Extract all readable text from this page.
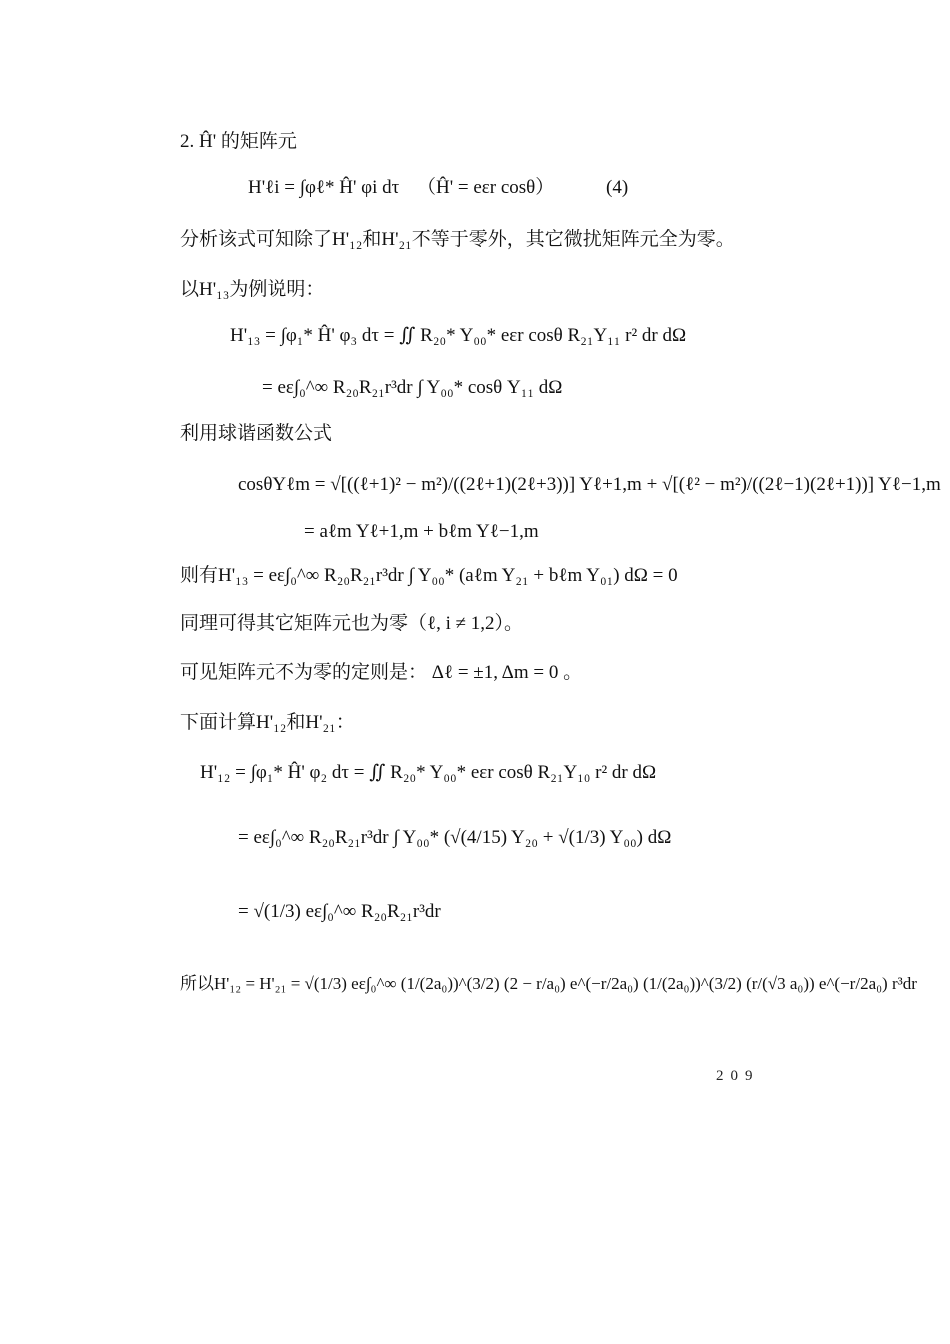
2. Ĥ' 的矩阵元
H'ℓi = ∫φℓ* Ĥ' φi dτ （Ĥ' = eεr cosθ）	(4)
分析该式可知除了H'₁₂和H'₂₁不等于零外，其它微扰矩阵元全为零。
以H'₁₃为例说明：
H'₁₃ = ∫φ₁* Ĥ' φ₃ dτ = ∬ R₂₀* Y₀₀* eεr cosθ R₂₁Y₁₁ r² dr dΩ
= eε∫₀^∞ R₂₀R₂₁r³dr ∫ Y₀₀* cosθ Y₁₁ dΩ
利用球谐函数公式
cosθYℓm = √[((ℓ+1)² − m²)/((2ℓ+1)(2ℓ+3))] Yℓ+1,m + √[(ℓ² − m²)/((2ℓ−1)(2ℓ+1))] Yℓ−1,m
= aℓm Yℓ+1,m + bℓm Yℓ−1,m
则有H'₁₃ = eε∫₀^∞ R₂₀R₂₁r³dr ∫ Y₀₀* (aℓm Y₂₁ + bℓm Y₀₁) dΩ = 0
同理可得其它矩阵元也为零（ℓ, i ≠ 1,2）。
可见矩阵元不为零的定则是： Δℓ = ±1, Δm = 0 。
下面计算H'₁₂和H'₂₁：
H'₁₂ = ∫φ₁* Ĥ' φ₂ dτ = ∬ R₂₀* Y₀₀* eεr cosθ R₂₁Y₁₀ r² dr dΩ
= eε∫₀^∞ R₂₀R₂₁r³dr ∫ Y₀₀* (√(4/15) Y₂₀ + √(1/3) Y₀₀) dΩ
= √(1/3) eε∫₀^∞ R₂₀R₂₁r³dr
所以H'₁₂ = H'₂₁ = √(1/3) eε∫₀^∞ (1/(2a₀))^(3/2) (2 − r/a₀) e^(−r/2a₀) (1/(2a₀))^(3/2) (r/(√3 a₀)) e^(−r/2a₀) r³dr
209
